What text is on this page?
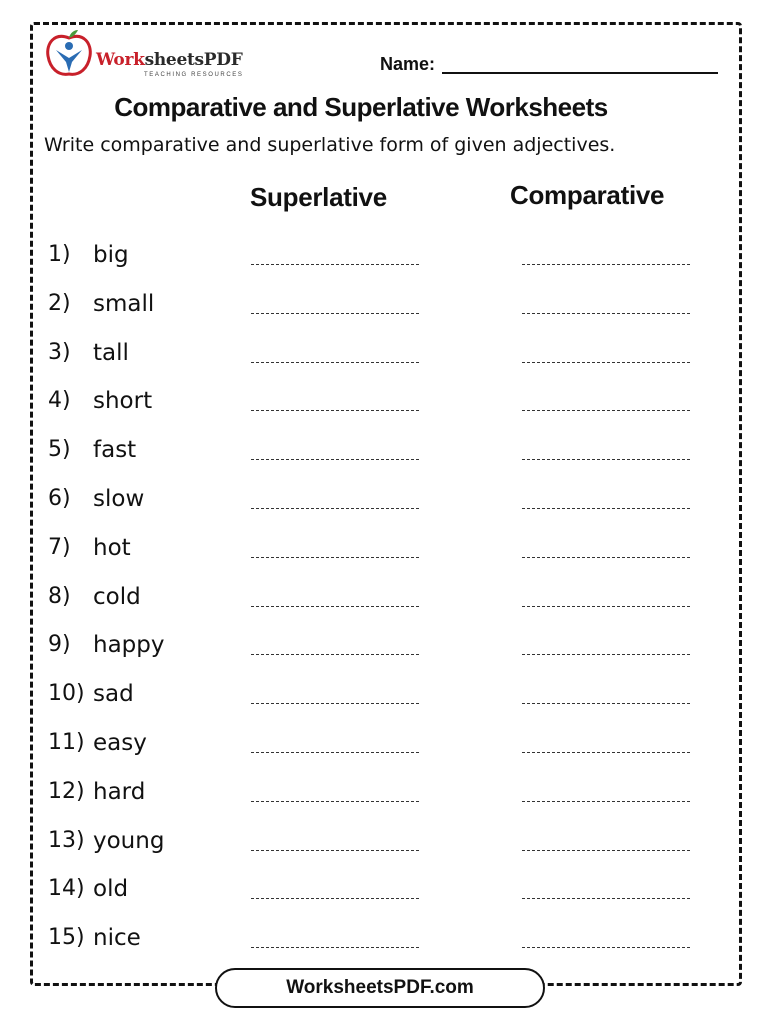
WorksheetsPDF
TEACHING RESOURCES
Name:
Comparative and Superlative Worksheets
Write comparative and superlative form of given adjectives.
Superlative	Comparative
1) big
2) small
3) tall
4) short
5) fast
6) slow
7) hot
8) cold
9) happy
10) sad
11) easy
12) hard
13) young
14) old
15) nice
WorksheetsPDF.com
